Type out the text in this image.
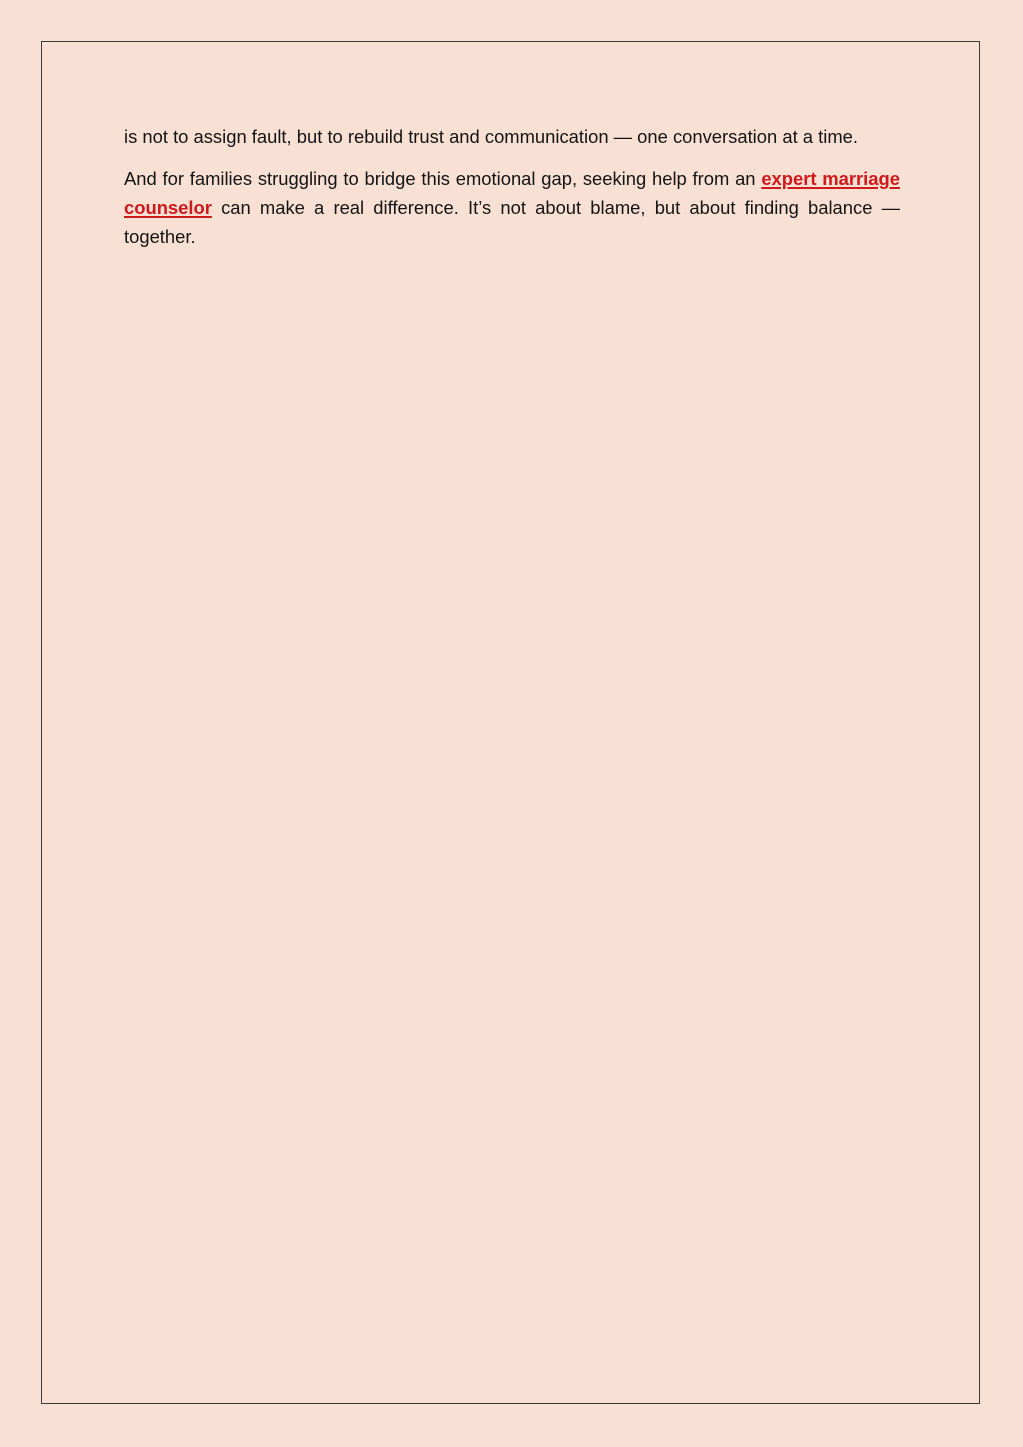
is not to assign fault, but to rebuild trust and communication — one conversation at a time.

And for families struggling to bridge this emotional gap, seeking help from an expert marriage counselor can make a real difference. It’s not about blame, but about finding balance — together.
